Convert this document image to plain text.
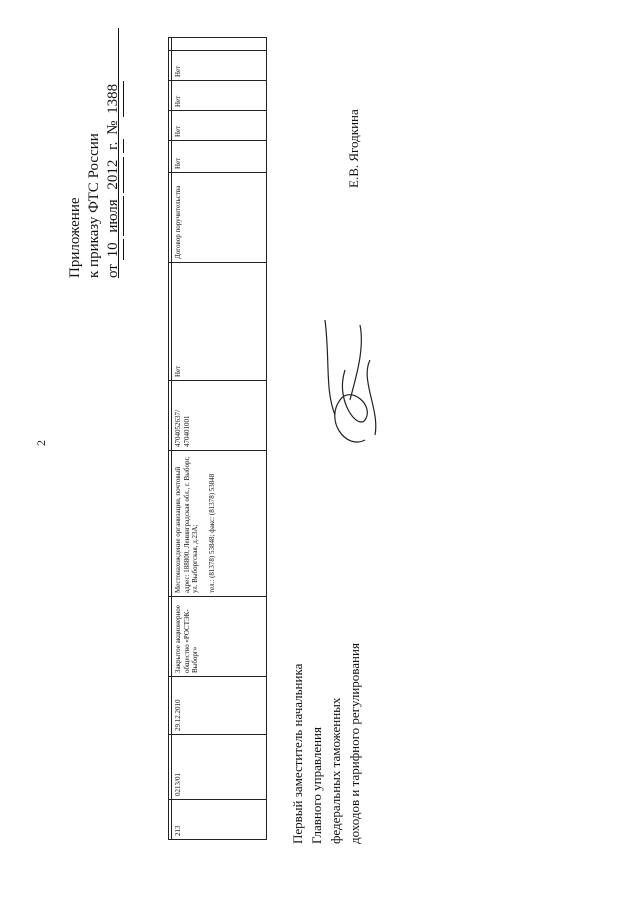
2
Приложение к приказу ФТС России от 10 июля 2012 г. № 1388

213	0213/01	29.12.2010	Закрытое акционерное общество «РОСТЭК-Выборг»	Местонахождение организации, почтовый адрес: 188800, Ленинградская обл., г. Выборг, ул. Выборгская, д.23А; тел.: (81378) 53848; факс: (81378) 53848	4704052637/ 470401001	Нет	Договор поручительства	Нет	Нет	Нет	Нет	
Первый заместитель начальника Главного управления федеральных таможенных доходов и тарифного регулирования
Е.В. Ягодкина
